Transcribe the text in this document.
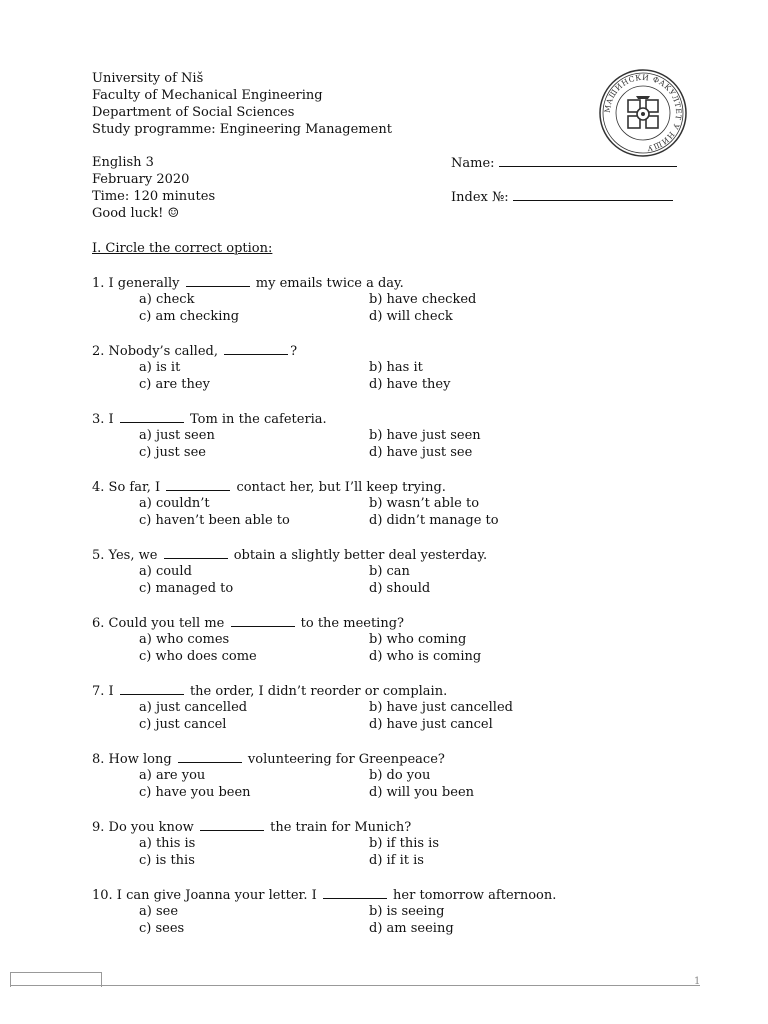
University of Niš
Faculty of Mechanical Engineering
Department of Social Sciences
Study programme: Engineering Management
МАШИНСКИ ФАКУЛТЕТ У НИШУ
English 3
February 2020
Time: 120 minutes
Good luck! ☺
Name:
Index №:
I. Circle the correct option:
1. I generally	my emails twice a day.
a) check	b) have checked
c) am checking	d) will check
2. Nobody’s called,	?
a) is it	b) has it
c) are they	d) have they
3. I	Tom in the cafeteria.
a) just seen	b) have just seen
c) just see	d) have just see
4. So far, I	contact her, but I’ll keep trying.
a) couldn’t	b) wasn’t able to
c) haven’t been able to	d) didn’t manage to
5. Yes, we	obtain a slightly better deal yesterday.
a) could	b) can
c) managed to	d) should
6. Could you tell me	to the meeting?
a) who comes	b) who coming
c) who does come	d) who is coming
7. I	the order, I didn’t reorder or complain.
a) just cancelled	b) have just cancelled
c) just cancel	d) have just cancel
8. How long	volunteering for Greenpeace?
a) are you	b) do you
c) have you been	d) will you been
9. Do you know	the train for Munich?
a) this is	b) if this is
c) is this	d) if it is
10. I can give Joanna your letter. I	her tomorrow afternoon.
a) see	b) is seeing
c) sees	d) am seeing
1
